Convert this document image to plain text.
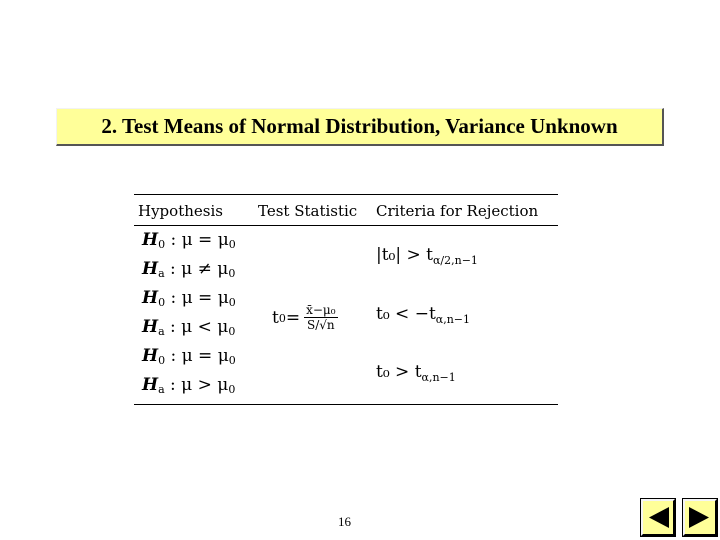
2. Test Means of Normal Distribution, Variance Unknown
Hypothesis Test Statistic Criteria for Rejection
$H_0$ : $\mu = \mu_0$
$H_a$ : $\mu \ne \mu_0$
$H_0$ : $\mu = \mu_0$
$H_a$ : $\mu < \mu_0$
$H_0$ : $\mu = \mu_0$
$H_a$ : $\mu > \mu_0$
t $0 = \frac{\text{x̄−μ₀}}{S/√n}$
$|t_0| > t_{\alpha/2,n-1}$
$t_0 < -t_{\alpha,n-1}$
$t_0 > t_{\alpha,n-1}$
16
